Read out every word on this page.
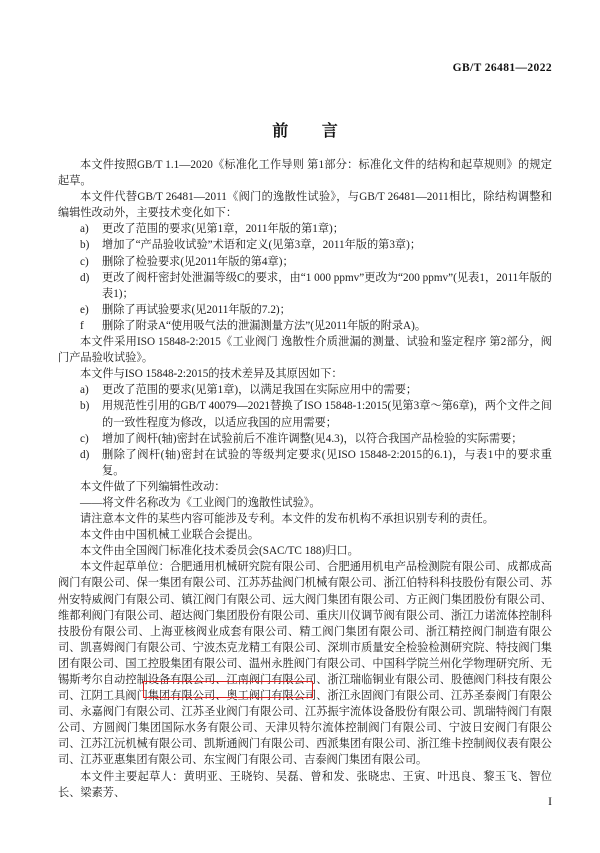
GB/T 26481—2022
前 言

本文件按照GB/T 1.1—2020《标准化工作导则 第1部分：标准化文件的结构和起草规则》的规定起草。

本文件代替GB/T 26481—2011《阀门的逸散性试验》，与GB/T 26481—2011相比，除结构调整和编辑性改动外，主要技术变化如下：

a)	更改了范围的要求(见第1章，2011年版的第1章)；
b)	增加了“产品验收试验”术语和定义(见第3章，2011年版的第3章)；
c)	删除了检验要求(见2011年版的第4章)；
d)	更改了阀杆密封处泄漏等级C的要求，由“1 000 ppmv”更改为“200 ppmv”(见表1，2011年版的表1)；
e)	删除了再试验要求(见2011年版的7.2)；
f	删除了附录A“使用吸气法的泄漏测量方法”(见2011年版的附录A)。

本文件采用ISO 15848-2:2015《工业阀门 逸散性介质泄漏的测量、试验和鉴定程序 第2部分，阀门产品验收试验》。

本文件与ISO 15848-2:2015的技术差异及其原因如下：

a)	更改了范围的要求(见第1章)，以满足我国在实际应用中的需要；
b)	用规范性引用的GB/T 40079—2021替换了ISO 15848-1:2015(见第3章～第6章)，两个文件之间的一致性程度为修改，以适应我国的应用需要；
c)	增加了阀杆(轴)密封在试验前后不准许调整(见4.3)，以符合我国产品检验的实际需要；
d)	删除了阀杆(轴)密封在试验的等级判定要求(见ISO 15848-2:2015的6.1)，与表1中的要求重复。

本文件做了下列编辑性改动：

——将文件名称改为《工业阀门的逸散性试验》。

请注意本文件的某些内容可能涉及专利。本文件的发布机构不承担识别专利的责任。

本文件由中国机械工业联合会提出。

本文件由全国阀门标准化技术委员会(SAC/TC 188)归口。

本文件起草单位：合肥通用机械研究院有限公司、合肥通用机电产品检测院有限公司、成都成高阀门有限公司、保一集团有限公司、江苏苏盐阀门机械有限公司、浙江伯特科科技股份有限公司、苏州安特威阀门有限公司、镇江阀门有限公司、远大阀门集团有限公司、方正阀门集团股份有限公司、维都利阀门有限公司、超达阀门集团股份有限公司、重庆川仪调节阀有限公司、浙江力诺流体控制科技股份有限公司、上海亚核阀业成套有限公司、精工阀门集团有限公司、浙江精控阀门制造有限公司、凯喜姆阀门有限公司、宁波杰克龙精工有限公司、深圳市质量安全检验检测研究院、特技阀门集团有限公司、国工控股集团有限公司、温州永胜阀门有限公司、中国科学院兰州化学物理研究所、无锡斯考尔自动控制设备有限公司、江南阀门有限公司、浙江瑞临铜业有限公司、股德阀门科技有限公司、江阴工具阀门集团有限公司、奥工阀门有限公司、浙江永固阀门有限公司、江苏圣泰阀门有限公司、永嘉阀门有限公司、江苏圣业阀门有限公司、江苏振宇流体设备股份有限公司、凯瑞特阀门有限公司、方圆阀门集团国际水务有限公司、天津贝特尔流体控制阀门有限公司、宁波日安阀门有限公司、江苏江沅机械有限公司、凯斯通阀门有限公司、西派集团有限公司、浙江维卡控制阀仪表有限公司、江苏亚惠集团有限公司、东宝阀门有限公司、吉泰阀门集团有限公司。

本文件主要起草人：黄明亚、王晓钧、吴磊、曾和发、张晓忠、王寅、叶迅良、黎玉飞、智位长、梁素芳、

I
